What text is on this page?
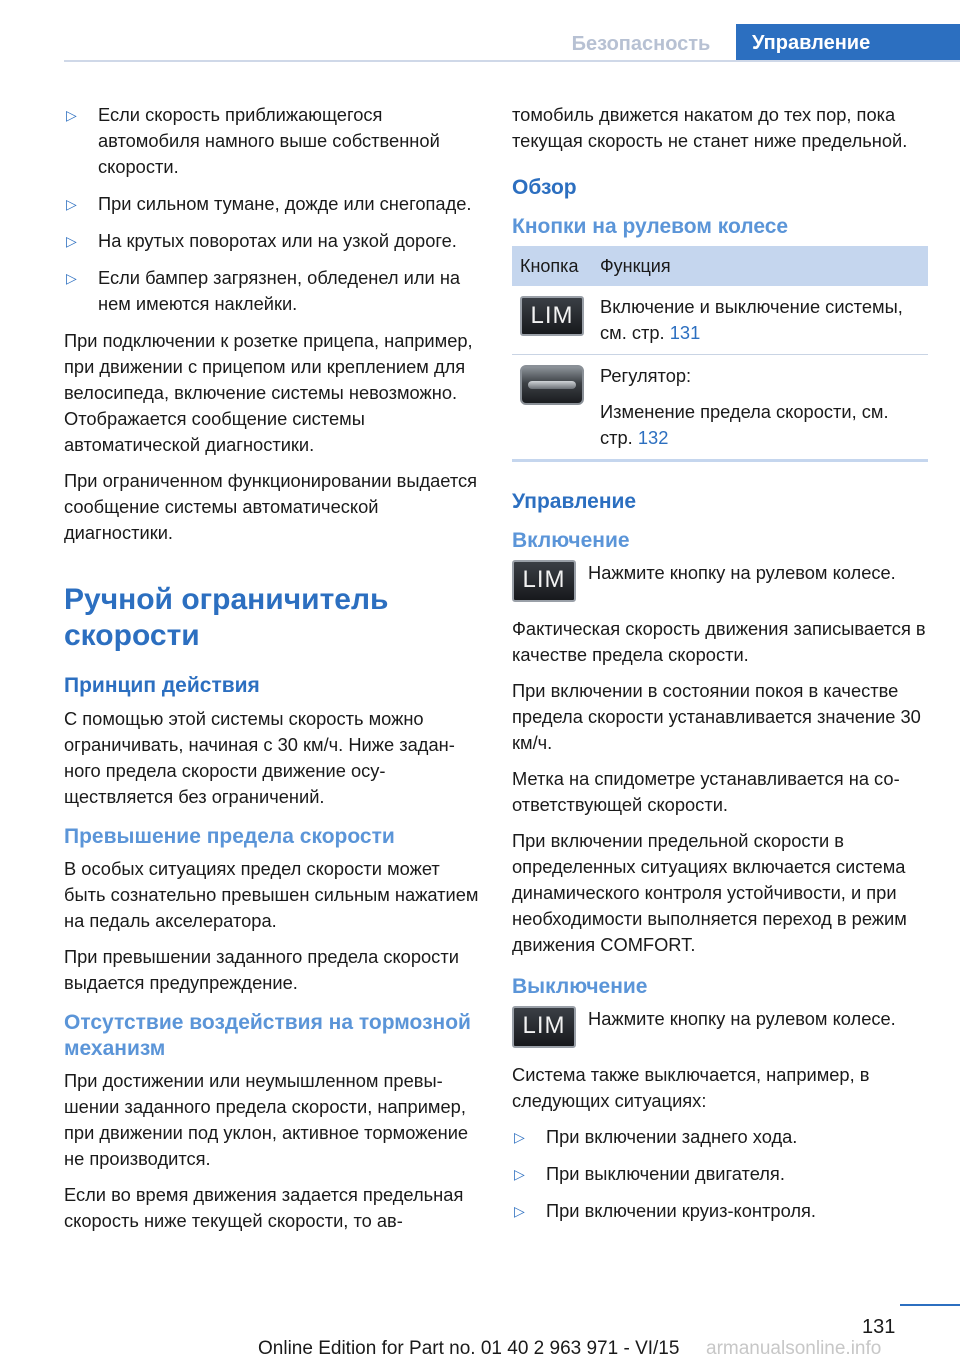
Безопасность	Управление
▷ Если скорость приближающегося автомобиля намного выше собственной скорости.
▷ При сильном тумане, дожде или снегопаде.
▷ На крутых поворотах или на узкой дороге.
▷ Если бампер загрязнен, обледенел или на нем имеются наклейки.

При подключении к розетке прицепа, например, при движении с прицепом или креплением для велосипеда, включение системы невозможно. Отображается сообщение системы автоматической диагностики.

При ограниченном функционировании выдается сообщение системы автоматической диагностики.

Ручной ограничитель скорости
Принцип действия

С помощью этой системы скорость можно ограничивать, начиная с 30 км/ч. Ниже заданного предела скорости движение осуществляется без ограничений.

Превышение предела скорости

В особых ситуациях предел скорости может быть сознательно превышен сильным нажатием на педаль акселератора.

При превышении заданного предела скорости выдается предупреждение.

Отсутствие воздействия на тормозной механизм

При достижении или неумышленном превышении заданного предела скорости, например, при движении под уклон, активное торможение не производится.

Если во время движения задается предельная скорость ниже текущей скорости, то ав-

томобиль движется накатом до тех пор, пока текущая скорость не станет ниже предельной.

Обзор
Кнопки на рулевом колесе
Кнопка	Функция
LIM	Включение и выключение системы, см. стр. 131

	Регулятор:
Изменение предела скорости, см. стр. 132
Управление
Включение
LIM	Нажмите кнопку на рулевом колесе.

Фактическая скорость движения записывается в качестве предела скорости.

При включении в состоянии покоя в качестве предела скорости устанавливается значение 30 км/ч.

Метка на спидометре устанавливается на соответствующей скорости.

При включении предельной скорости в определенных ситуациях включается система динамического контроля устойчивости, и при необходимости выполняется переход в режим движения COMFORT.

Выключение
LIM	Нажмите кнопку на рулевом колесе.

Система также выключается, например, в следующих ситуациях:

▷ При включении заднего хода.
▷ При выключении двигателя.
▷ При включении круиз-контроля.
131
Online Edition for Part no. 01 40 2 963 971 - VI/15 armanualsonline.info
